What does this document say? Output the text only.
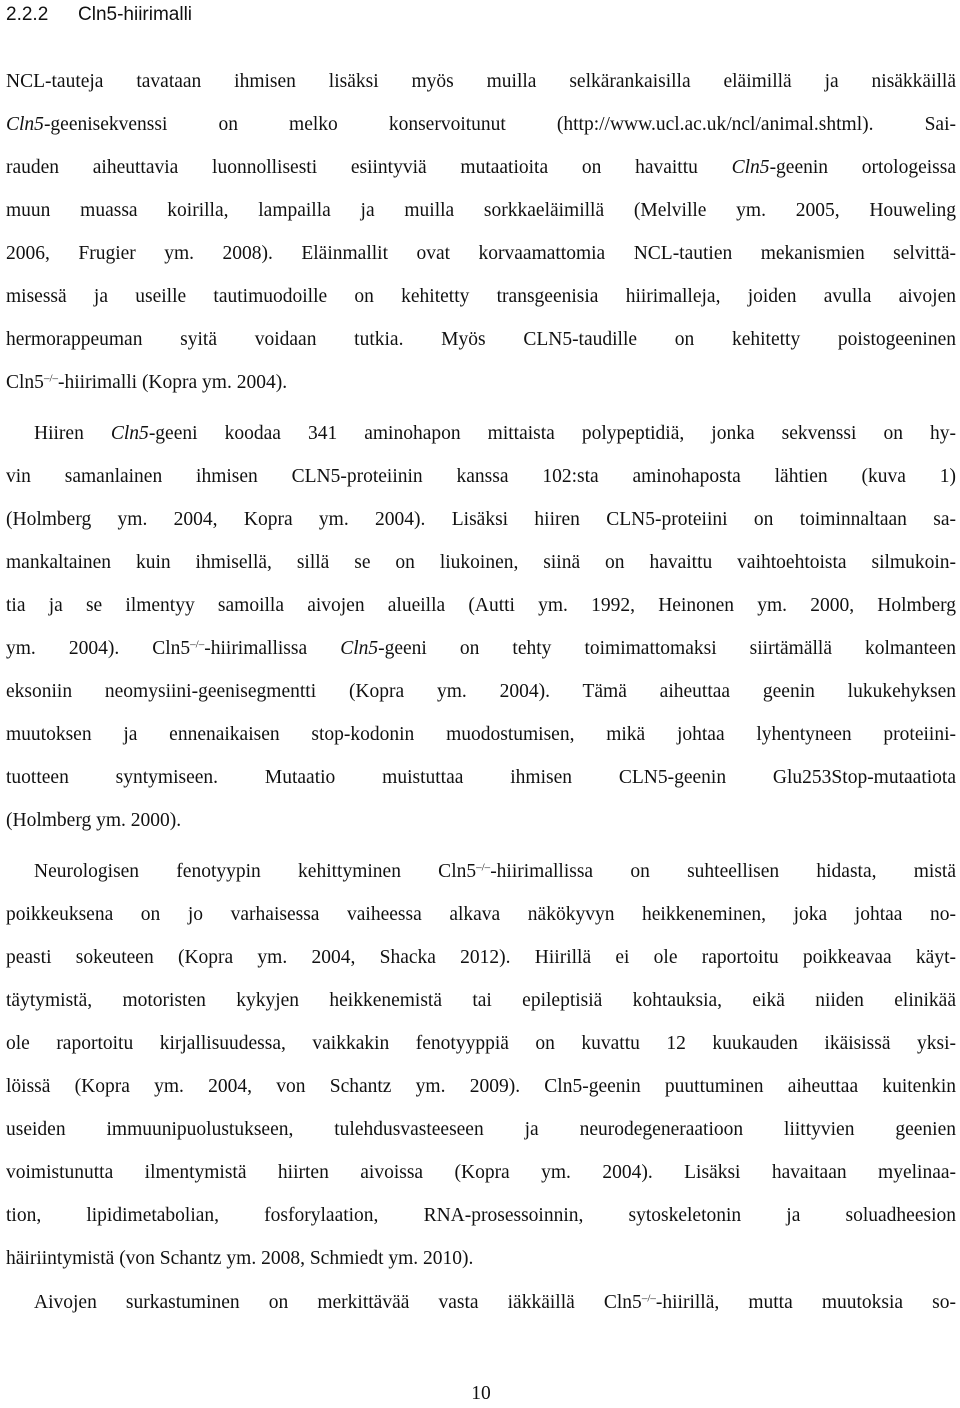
2.2.2 Cln5-hiirimalli
NCL-tauteja tavataan ihmisen lisäksi myös muilla selkärankaisilla eläimillä ja nisäkkäillä
Cln5-geenisekvenssi on melko konservoitunut (http://www.ucl.ac.uk/ncl/animal.shtml). Sai-
rauden aiheuttavia luonnollisesti esiintyviä mutaatioita on havaittu Cln5-geenin ortologeissa
muun muassa koirilla, lampailla ja muilla sorkkaeläimillä (Melville ym. 2005, Houweling
2006, Frugier ym. 2008). Eläinmallit ovat korvaamattomia NCL-tautien mekanismien selvittä-
misessä ja useille tautimuodoille on kehitetty transgeenisia hiirimalleja, joiden avulla aivojen
hermorappeuman syitä voidaan tutkia. Myös CLN5-taudille on kehitetty poistogeeninen
Cln5–/–-hiirimalli (Kopra ym. 2004).
Hiiren Cln5-geeni koodaa 341 aminohapon mittaista polypeptidiä, jonka sekvenssi on hy-
vin samanlainen ihmisen CLN5-proteiinin kanssa 102:sta aminohaposta lähtien (kuva 1)
(Holmberg ym. 2004, Kopra ym. 2004). Lisäksi hiiren CLN5-proteiini on toiminnaltaan sa-
mankaltainen kuin ihmisellä, sillä se on liukoinen, siinä on havaittu vaihtoehtoista silmukoin-
tia ja se ilmentyy samoilla aivojen alueilla (Autti ym. 1992, Heinonen ym. 2000, Holmberg
ym. 2004). Cln5–/–-hiirimallissa Cln5-geeni on tehty toimimattomaksi siirtämällä kolmanteen
eksoniin neomysiini-geenisegmentti (Kopra ym. 2004). Tämä aiheuttaa geenin lukukehyksen
muutoksen ja ennenaikaisen stop-kodonin muodostumisen, mikä johtaa lyhentyneen proteiini-
tuotteen syntymiseen. Mutaatio muistuttaa ihmisen CLN5-geenin Glu253Stop-mutaatiota
(Holmberg ym. 2000).
Neurologisen fenotyypin kehittyminen Cln5–/–-hiirimallissa on suhteellisen hidasta, mistä
poikkeuksena on jo varhaisessa vaiheessa alkava näkökyvyn heikkeneminen, joka johtaa no-
peasti sokeuteen (Kopra ym. 2004, Shacka 2012). Hiirillä ei ole raportoitu poikkeavaa käyt-
täytymistä, motoristen kykyjen heikkenemistä tai epileptisiä kohtauksia, eikä niiden elinikää
ole raportoitu kirjallisuudessa, vaikkakin fenotyyppiä on kuvattu 12 kuukauden ikäisissä yksi-
löissä (Kopra ym. 2004, von Schantz ym. 2009). Cln5-geenin puuttuminen aiheuttaa kuitenkin
useiden immuunipuolustukseen, tulehdusvasteeseen ja neurodegeneraatioon liittyvien geenien
voimistunutta ilmentymistä hiirten aivoissa (Kopra ym. 2004). Lisäksi havaitaan myelinaa-
tion, lipidimetabolian, fosforylaation, RNA-prosessoinnin, sytoskeletonin ja soluadheesion
häiriintymistä (von Schantz ym. 2008, Schmiedt ym. 2010).
Aivojen surkastuminen on merkittävää vasta iäkkäillä Cln5–/–-hiirillä, mutta muutoksia so-
10
